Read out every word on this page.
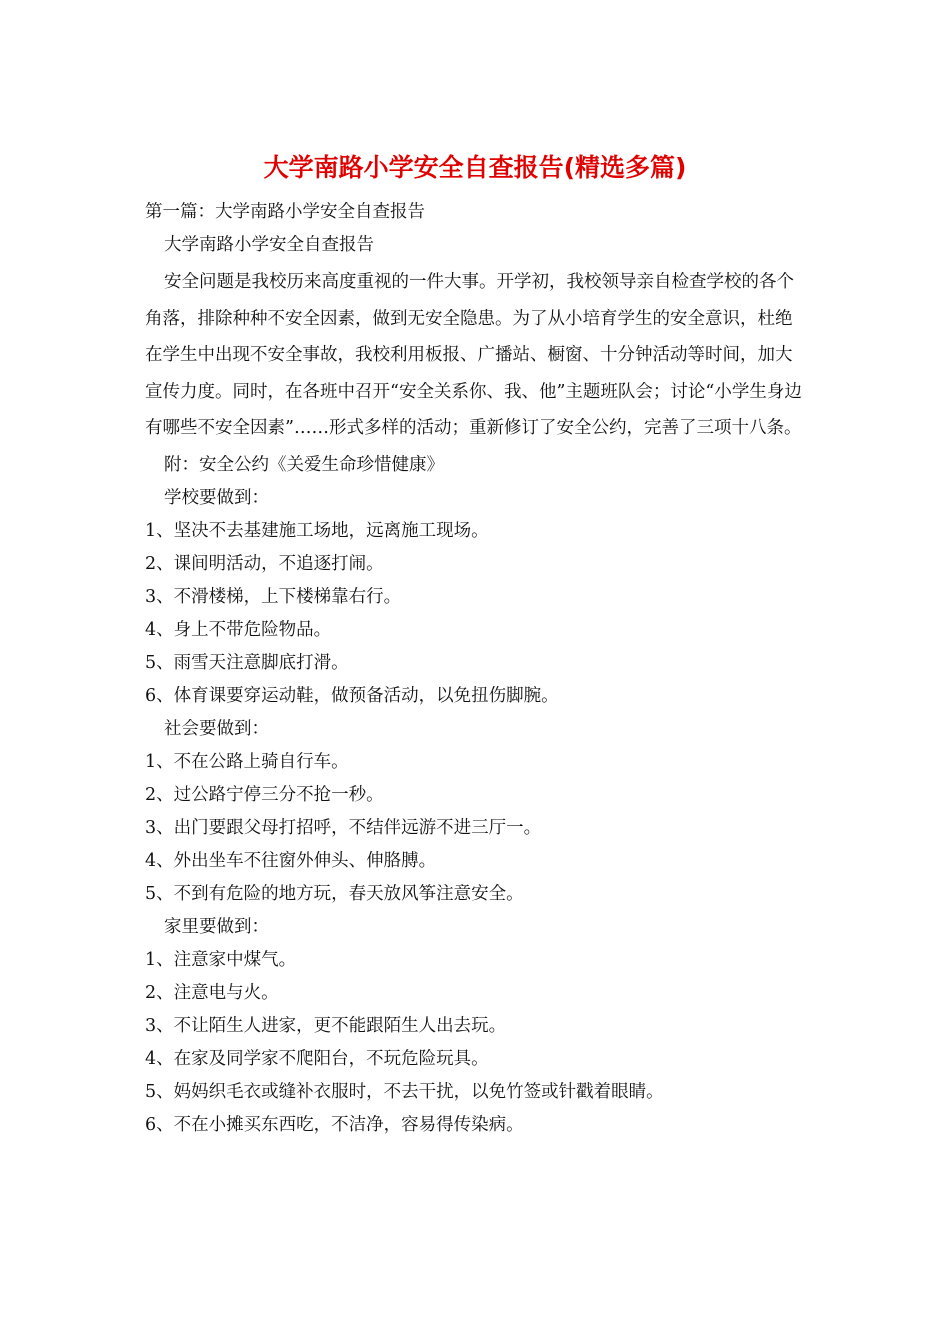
大学南路小学安全自查报告(精选多篇)
第一篇：大学南路小学安全自查报告
大学南路小学安全自查报告
安全问题是我校历来高度重视的一件大事。开学初，我校领导亲自检查学校的各个角落，排除种种不安全因素，做到无安全隐患。为了从小培育学生的安全意识，杜绝在学生中出现不安全事故，我校利用板报、广播站、橱窗、十分钟活动等时间，加大宣传力度。同时，在各班中召开“安全关系你、我、他”主题班队会；讨论“小学生身边有哪些不安全因素”……形式多样的活动；重新修订了安全公约，完善了三项十八条。
附：安全公约《关爱生命珍惜健康》
学校要做到：
1、坚决不去基建施工场地，远离施工现场。
2、课间明活动，不追逐打闹。
3、不滑楼梯，上下楼梯靠右行。
4、身上不带危险物品。
5、雨雪天注意脚底打滑。
6、体育课要穿运动鞋，做预备活动，以免扭伤脚腕。
社会要做到：
1、不在公路上骑自行车。
2、过公路宁停三分不抢一秒。
3、出门要跟父母打招呼，不结伴远游不进三厅一。
4、外出坐车不往窗外伸头、伸胳膊。
5、不到有危险的地方玩，春天放风筝注意安全。
家里要做到：
1、注意家中煤气。
2、注意电与火。
3、不让陌生人进家，更不能跟陌生人出去玩。
4、在家及同学家不爬阳台，不玩危险玩具。
5、妈妈织毛衣或缝补衣服时，不去干扰，以免竹签或针戳着眼睛。
6、不在小摊买东西吃，不洁净，容易得传染病。
